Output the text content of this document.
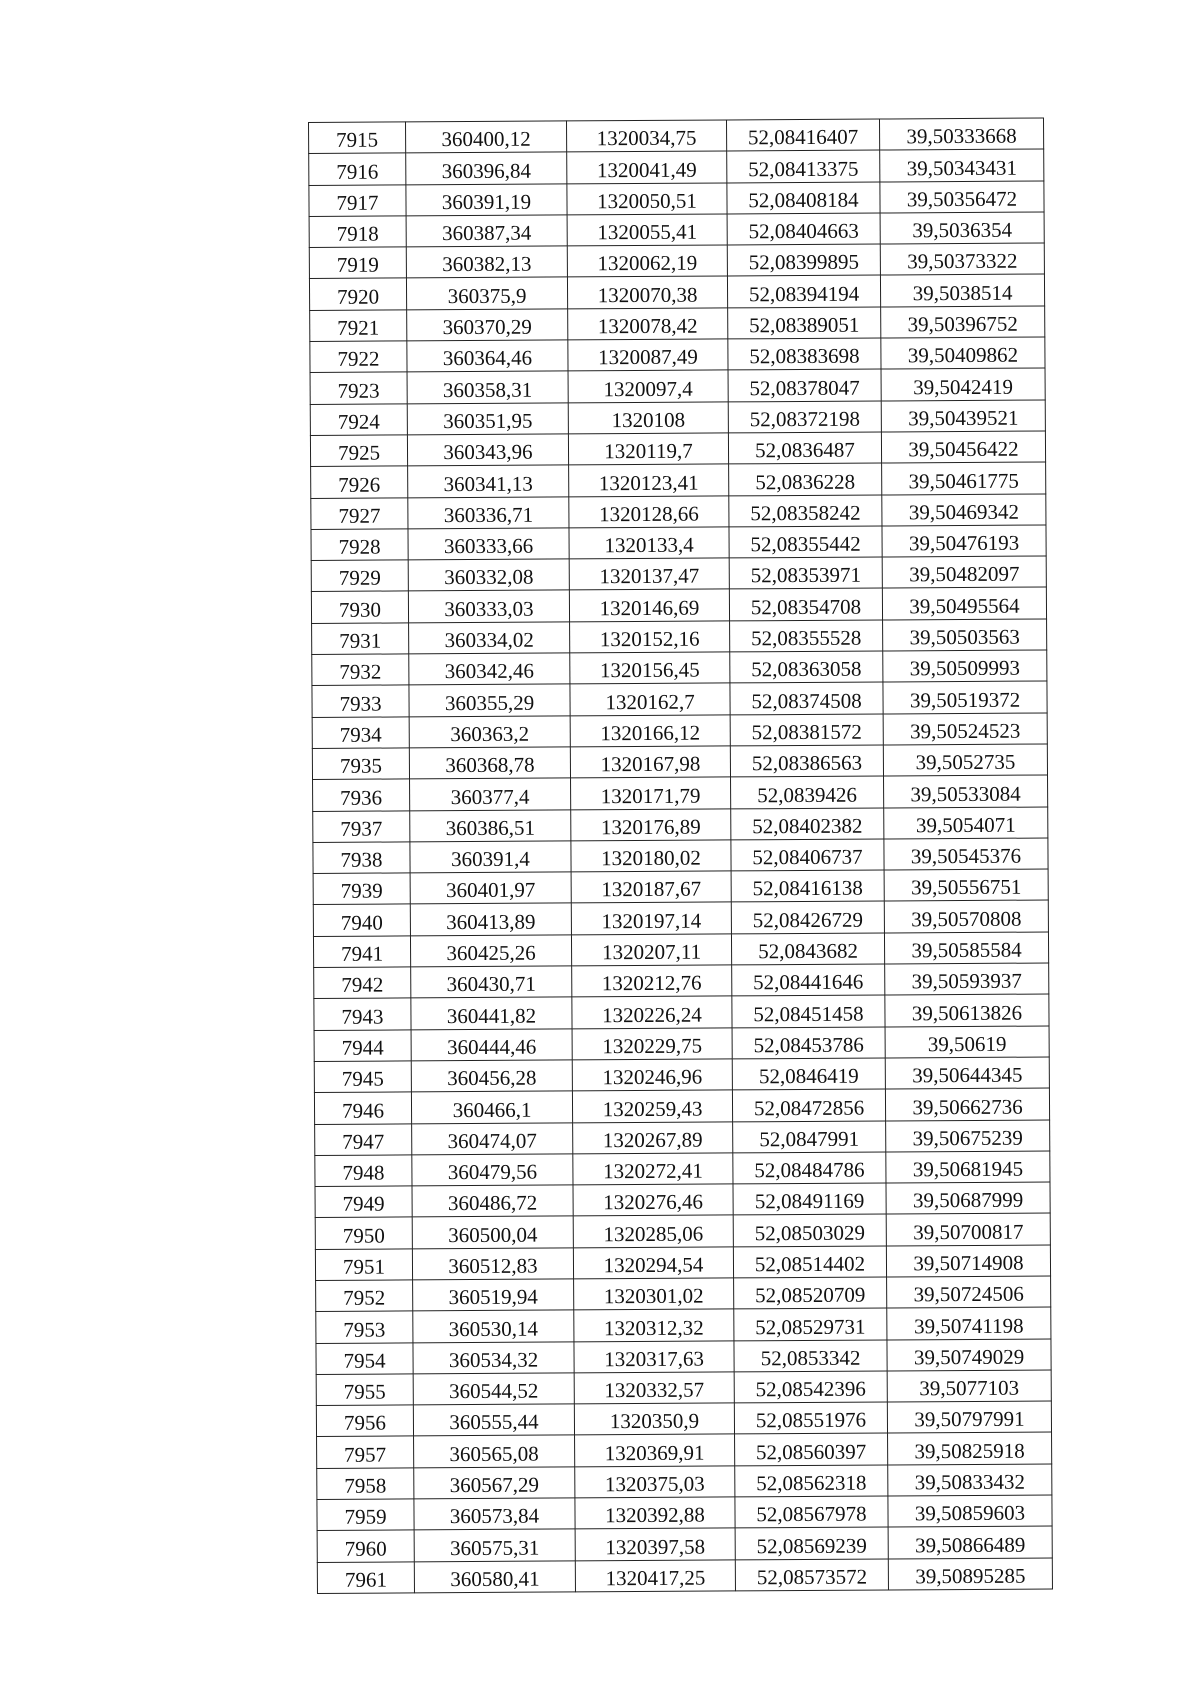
7915	360400,12	1320034,75	52,08416407	39,50333668
7916	360396,84	1320041,49	52,08413375	39,50343431
7917	360391,19	1320050,51	52,08408184	39,50356472
7918	360387,34	1320055,41	52,08404663	39,5036354
7919	360382,13	1320062,19	52,08399895	39,50373322
7920	360375,9	1320070,38	52,08394194	39,5038514
7921	360370,29	1320078,42	52,08389051	39,50396752
7922	360364,46	1320087,49	52,08383698	39,50409862
7923	360358,31	1320097,4	52,08378047	39,5042419
7924	360351,95	1320108	52,08372198	39,50439521
7925	360343,96	1320119,7	52,0836487	39,50456422
7926	360341,13	1320123,41	52,0836228	39,50461775
7927	360336,71	1320128,66	52,08358242	39,50469342
7928	360333,66	1320133,4	52,08355442	39,50476193
7929	360332,08	1320137,47	52,08353971	39,50482097
7930	360333,03	1320146,69	52,08354708	39,50495564
7931	360334,02	1320152,16	52,08355528	39,50503563
7932	360342,46	1320156,45	52,08363058	39,50509993
7933	360355,29	1320162,7	52,08374508	39,50519372
7934	360363,2	1320166,12	52,08381572	39,50524523
7935	360368,78	1320167,98	52,08386563	39,5052735
7936	360377,4	1320171,79	52,0839426	39,50533084
7937	360386,51	1320176,89	52,08402382	39,5054071
7938	360391,4	1320180,02	52,08406737	39,50545376
7939	360401,97	1320187,67	52,08416138	39,50556751
7940	360413,89	1320197,14	52,08426729	39,50570808
7941	360425,26	1320207,11	52,0843682	39,50585584
7942	360430,71	1320212,76	52,08441646	39,50593937
7943	360441,82	1320226,24	52,08451458	39,50613826
7944	360444,46	1320229,75	52,08453786	39,50619
7945	360456,28	1320246,96	52,0846419	39,50644345
7946	360466,1	1320259,43	52,08472856	39,50662736
7947	360474,07	1320267,89	52,0847991	39,50675239
7948	360479,56	1320272,41	52,08484786	39,50681945
7949	360486,72	1320276,46	52,08491169	39,50687999
7950	360500,04	1320285,06	52,08503029	39,50700817
7951	360512,83	1320294,54	52,08514402	39,50714908
7952	360519,94	1320301,02	52,08520709	39,50724506
7953	360530,14	1320312,32	52,08529731	39,50741198
7954	360534,32	1320317,63	52,0853342	39,50749029
7955	360544,52	1320332,57	52,08542396	39,5077103
7956	360555,44	1320350,9	52,08551976	39,50797991
7957	360565,08	1320369,91	52,08560397	39,50825918
7958	360567,29	1320375,03	52,08562318	39,50833432
7959	360573,84	1320392,88	52,08567978	39,50859603
7960	360575,31	1320397,58	52,08569239	39,50866489
7961	360580,41	1320417,25	52,08573572	39,50895285
